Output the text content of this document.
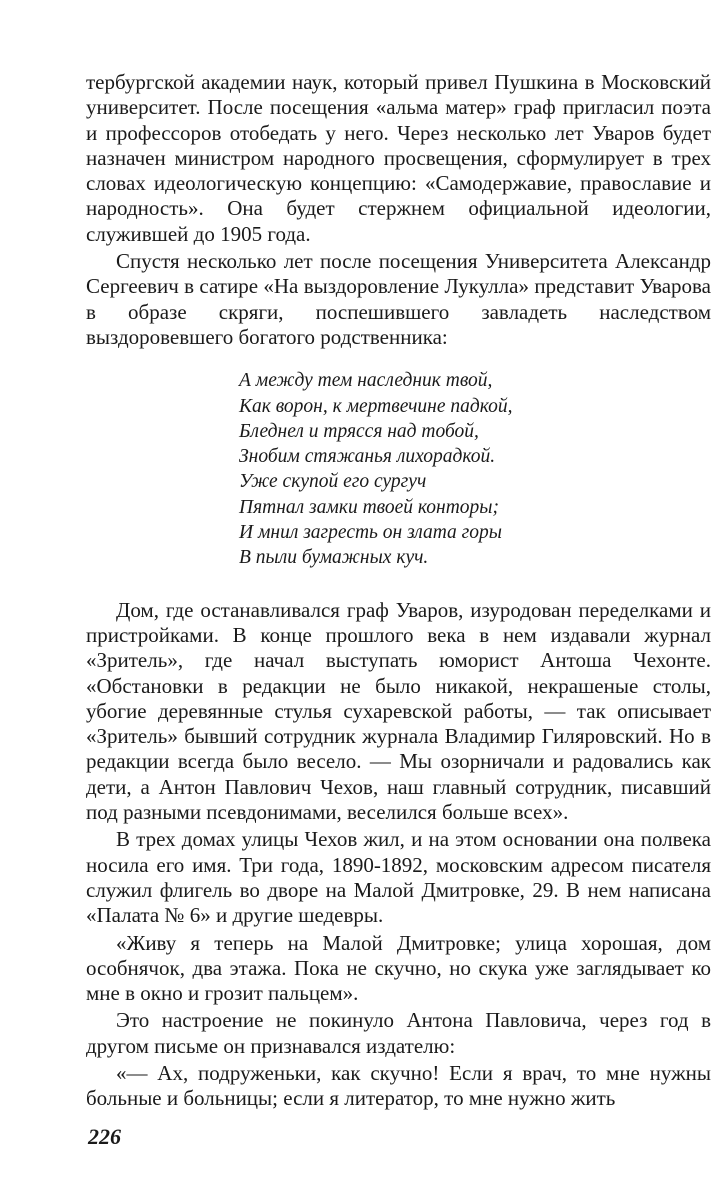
тербургской академии наук, который привел Пушкина в Московский университет. После посещения «альма матер» граф пригласил поэта и профессоров отобедать у него. Через несколько лет Уваров будет назначен министром народного просвещения, сформулирует в трех словах идеологическую концепцию: «Самодержавие, православие и народность». Она будет стержнем официальной идеологии, служившей до 1905 года.

Спустя несколько лет после посещения Университета Александр Сергеевич в сатире «На выздоровление Лукулла» представит Уварова в образе скряги, поспешившего завладеть наследством выздоровевшего богатого родственника:

А между тем наследник твой,
Как ворон, к мертвечине падкой,
Бледнел и трясся над тобой,
Знобим стяжанья лихорадкой.
Уже скупой его сургуч
Пятнал замки твоей конторы;
И мнил загресть он злата горы
В пыли бумажных куч.

Дом, где останавливался граф Уваров, изуродован переделками и пристройками. В конце прошлого века в нем издавали журнал «Зритель», где начал выступать юморист Антоша Чехонте. «Обстановки в редакции не было никакой, некрашеные столы, убогие деревянные стулья сухаревской работы, — так описывает «Зритель» бывший сотрудник журнала Владимир Гиляровский. Но в редакции всегда было весело. — Мы озорничали и радовались как дети, а Антон Павлович Чехов, наш главный сотрудник, писавший под разными псевдонимами, веселился больше всех».

В трех домах улицы Чехов жил, и на этом основании она полвека носила его имя. Три года, 1890-1892, московским адресом писателя служил флигель во дворе на Малой Дмитровке, 29. В нем написана «Палата № 6» и другие шедевры.

«Живу я теперь на Малой Дмитровке; улица хорошая, дом особнячок, два этажа. Пока не скучно, но скука уже заглядывает ко мне в окно и грозит пальцем».

Это настроение не покинуло Антона Павловича, через год в другом письме он признавался издателю:

«— Ах, подруженьки, как скучно! Если я врач, то мне нужны больные и больницы; если я литератор, то мне нужно жить

226
